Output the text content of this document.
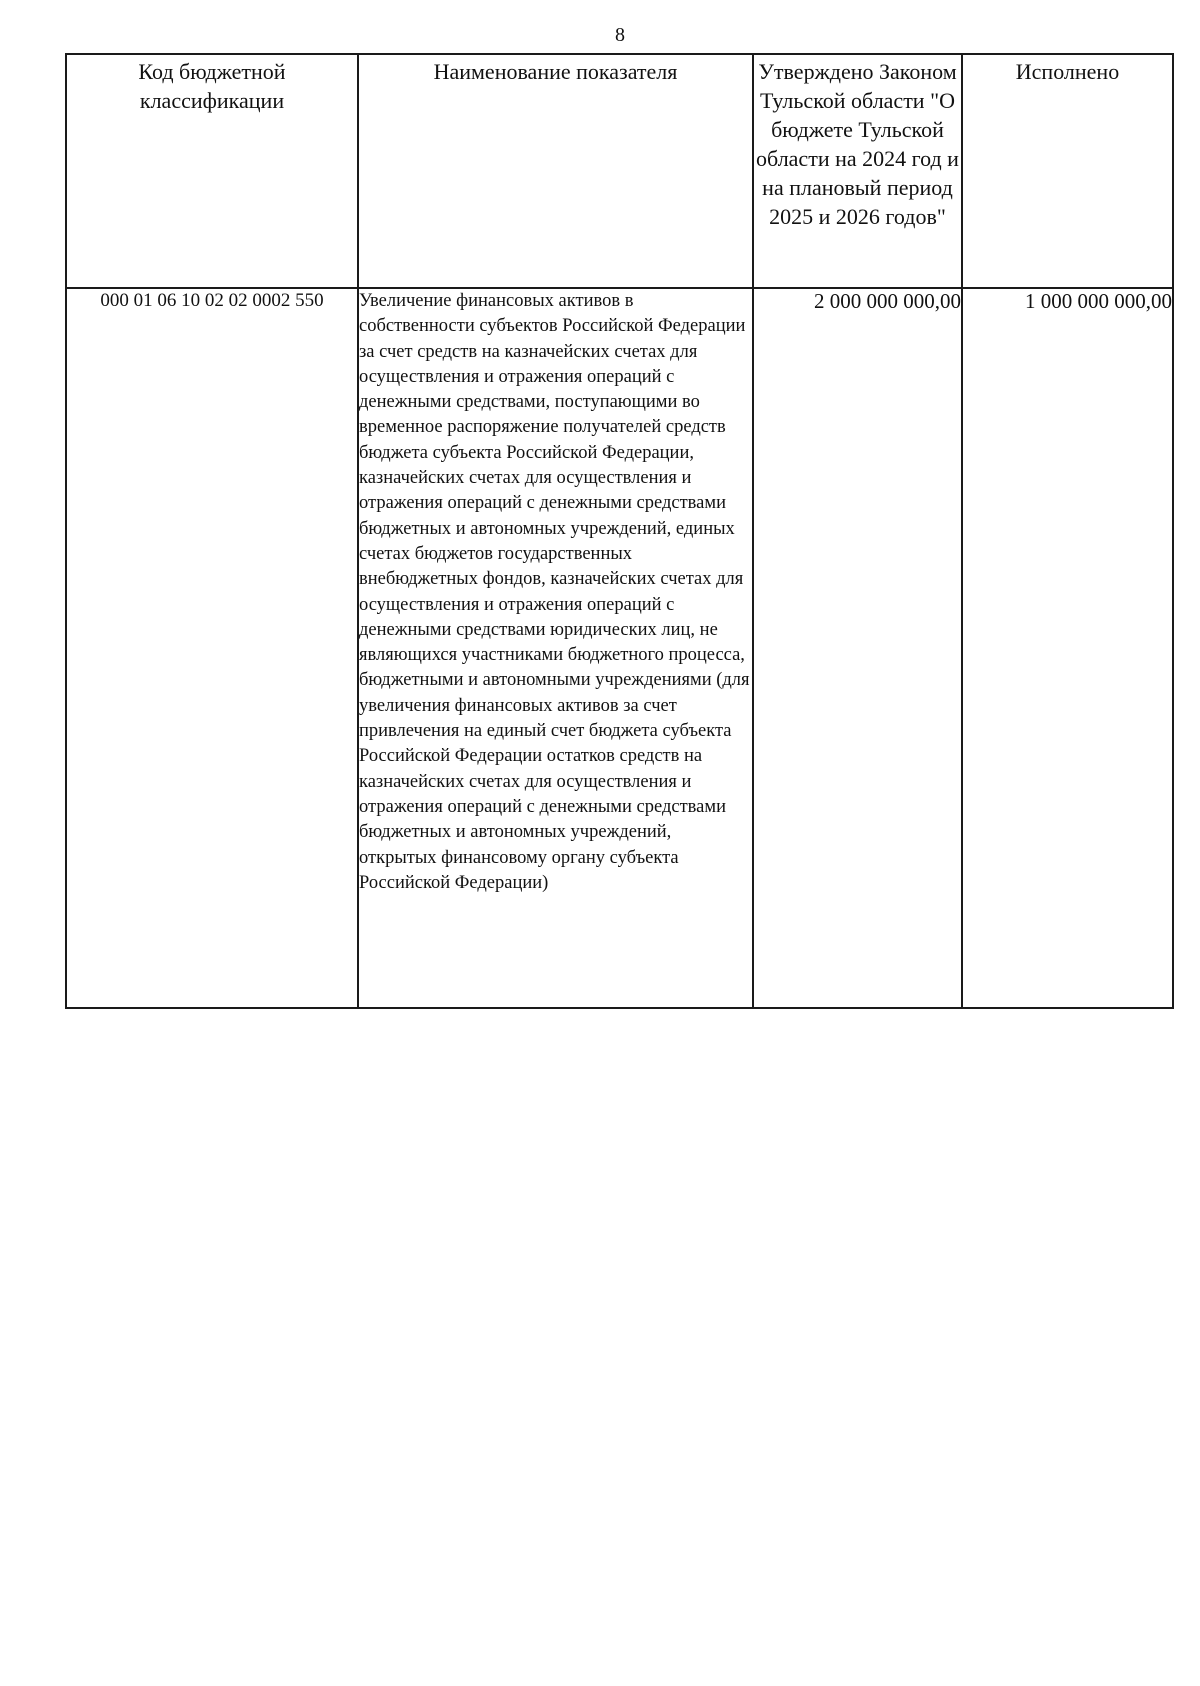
8
Код бюджетной классификации	Наименование показателя	Утверждено Законом Тульской области "О бюджете Тульской области на 2024 год и на плановый период 2025 и 2026 годов"	Исполнено
000 01 06 10 02 02 0002 550	Увеличение финансовых активов в собственности субъектов Российской Федерации за счет средств на казначейских счетах для осуществления и отражения операций с денежными средствами, поступающими во временное распоряжение получателей средств бюджета субъекта Российской Федерации, казначейских счетах для осуществления и отражения операций с денежными средствами бюджетных и автономных учреждений, единых счетах бюджетов государственных внебюджетных фондов, казначейских счетах для осуществления и отражения операций с денежными средствами юридических лиц, не являющихся участниками бюджетного процесса, бюджетными и автономными учреждениями (для увеличения финансовых активов за счет привлечения на единый счет бюджета субъекта Российской Федерации остатков средств на казначейских счетах для осуществления и отражения операций с денежными средствами бюджетных и автономных учреждений, открытых финансовому органу субъекта Российской Федерации)	2 000 000 000,00	1 000 000 000,00
